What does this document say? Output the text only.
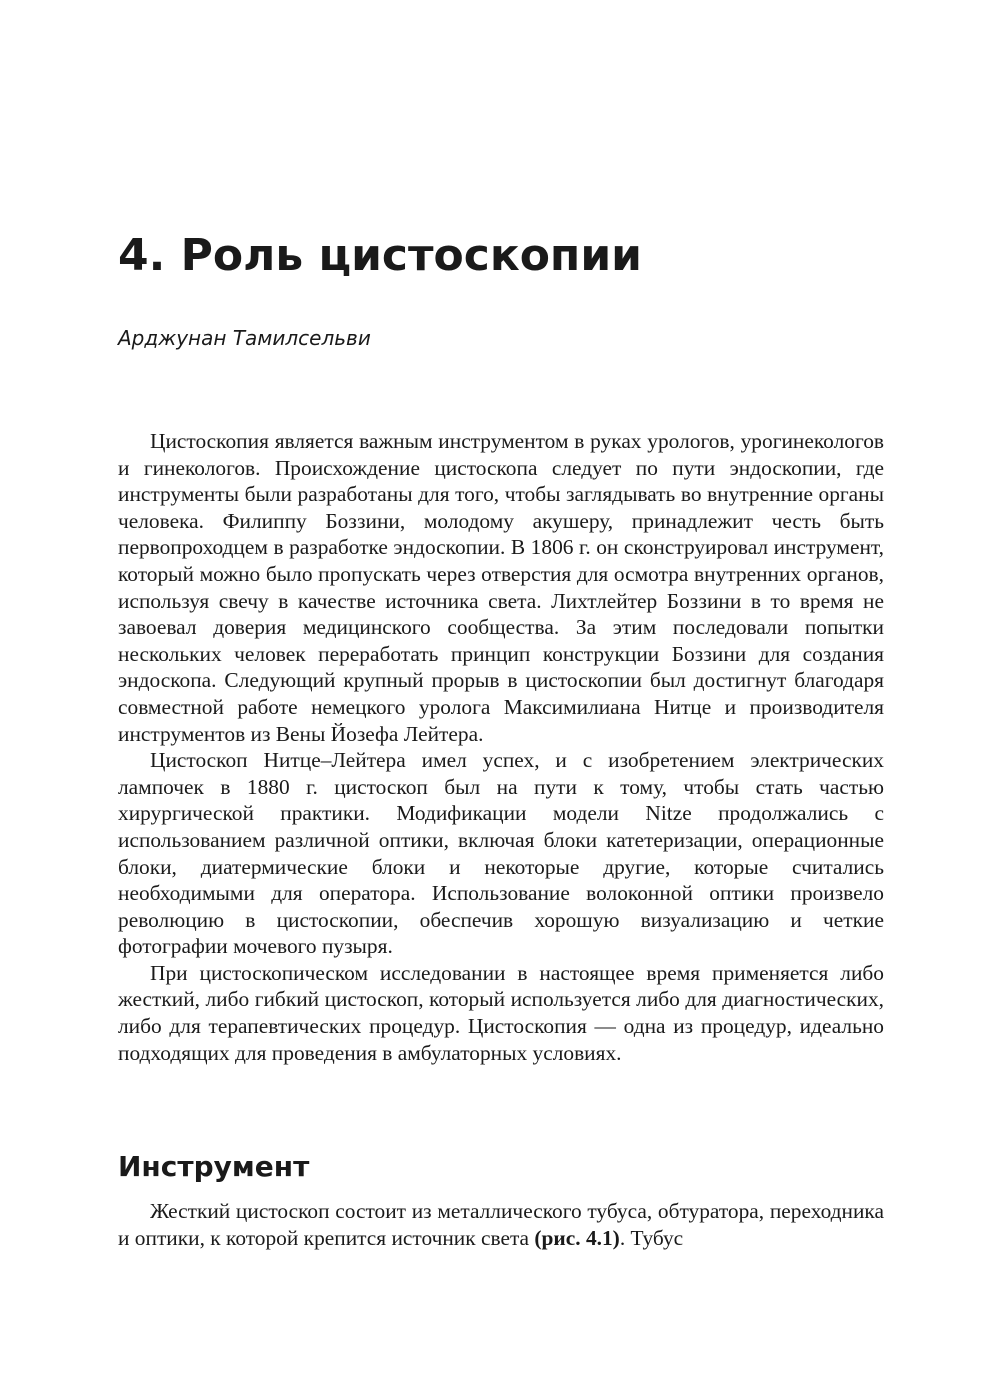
4. Роль цистоскопии
Арджунан Тамилсельви

Цистоскопия является важным инструментом в руках урологов, урогинекологов и гинекологов. Происхождение цистоскопа следует по пути эндоскопии, где инструменты были разработаны для того, чтобы заглядывать во внутренние органы человека. Филиппу Боззини, молодому акушеру, принадлежит честь быть первопроходцем в разработке эндоскопии. В 1806 г. он сконструировал инструмент, который можно было пропускать через отверстия для осмотра внутренних органов, используя свечу в качестве источника света. Лихтлейтер Боззини в то время не завоевал доверия медицинского сообщества. За этим последовали попытки нескольких человек переработать принцип конструкции Боззини для создания эндоскопа. Следующий крупный прорыв в цистоскопии был достигнут благодаря совместной работе немецкого уролога Максимилиана Нитце и производителя инструментов из Вены Йозефа Лейтера.

Цистоскоп Нитце–Лейтера имел успех, и с изобретением электрических лампочек в 1880 г. цистоскоп был на пути к тому, чтобы стать частью хирургической практики. Модификации модели Nitze продолжались с использованием различной оптики, включая блоки катетеризации, операционные блоки, диатермические блоки и некоторые другие, которые считались необходимыми для оператора. Использование волоконной оптики произвело революцию в цистоскопии, обеспечив хорошую визуализацию и четкие фотографии мочевого пузыря.

При цистоскопическом исследовании в настоящее время применяется либо жесткий, либо гибкий цистоскоп, который используется либо для диагностических, либо для терапевтических процедур. Цистоскопия — одна из процедур, идеально подходящих для проведения в амбулаторных условиях.

Инструмент

Жесткий цистоскоп состоит из металлического тубуса, обтуратора, переходника и оптики, к которой крепится источник света (рис. 4.1). Тубус
